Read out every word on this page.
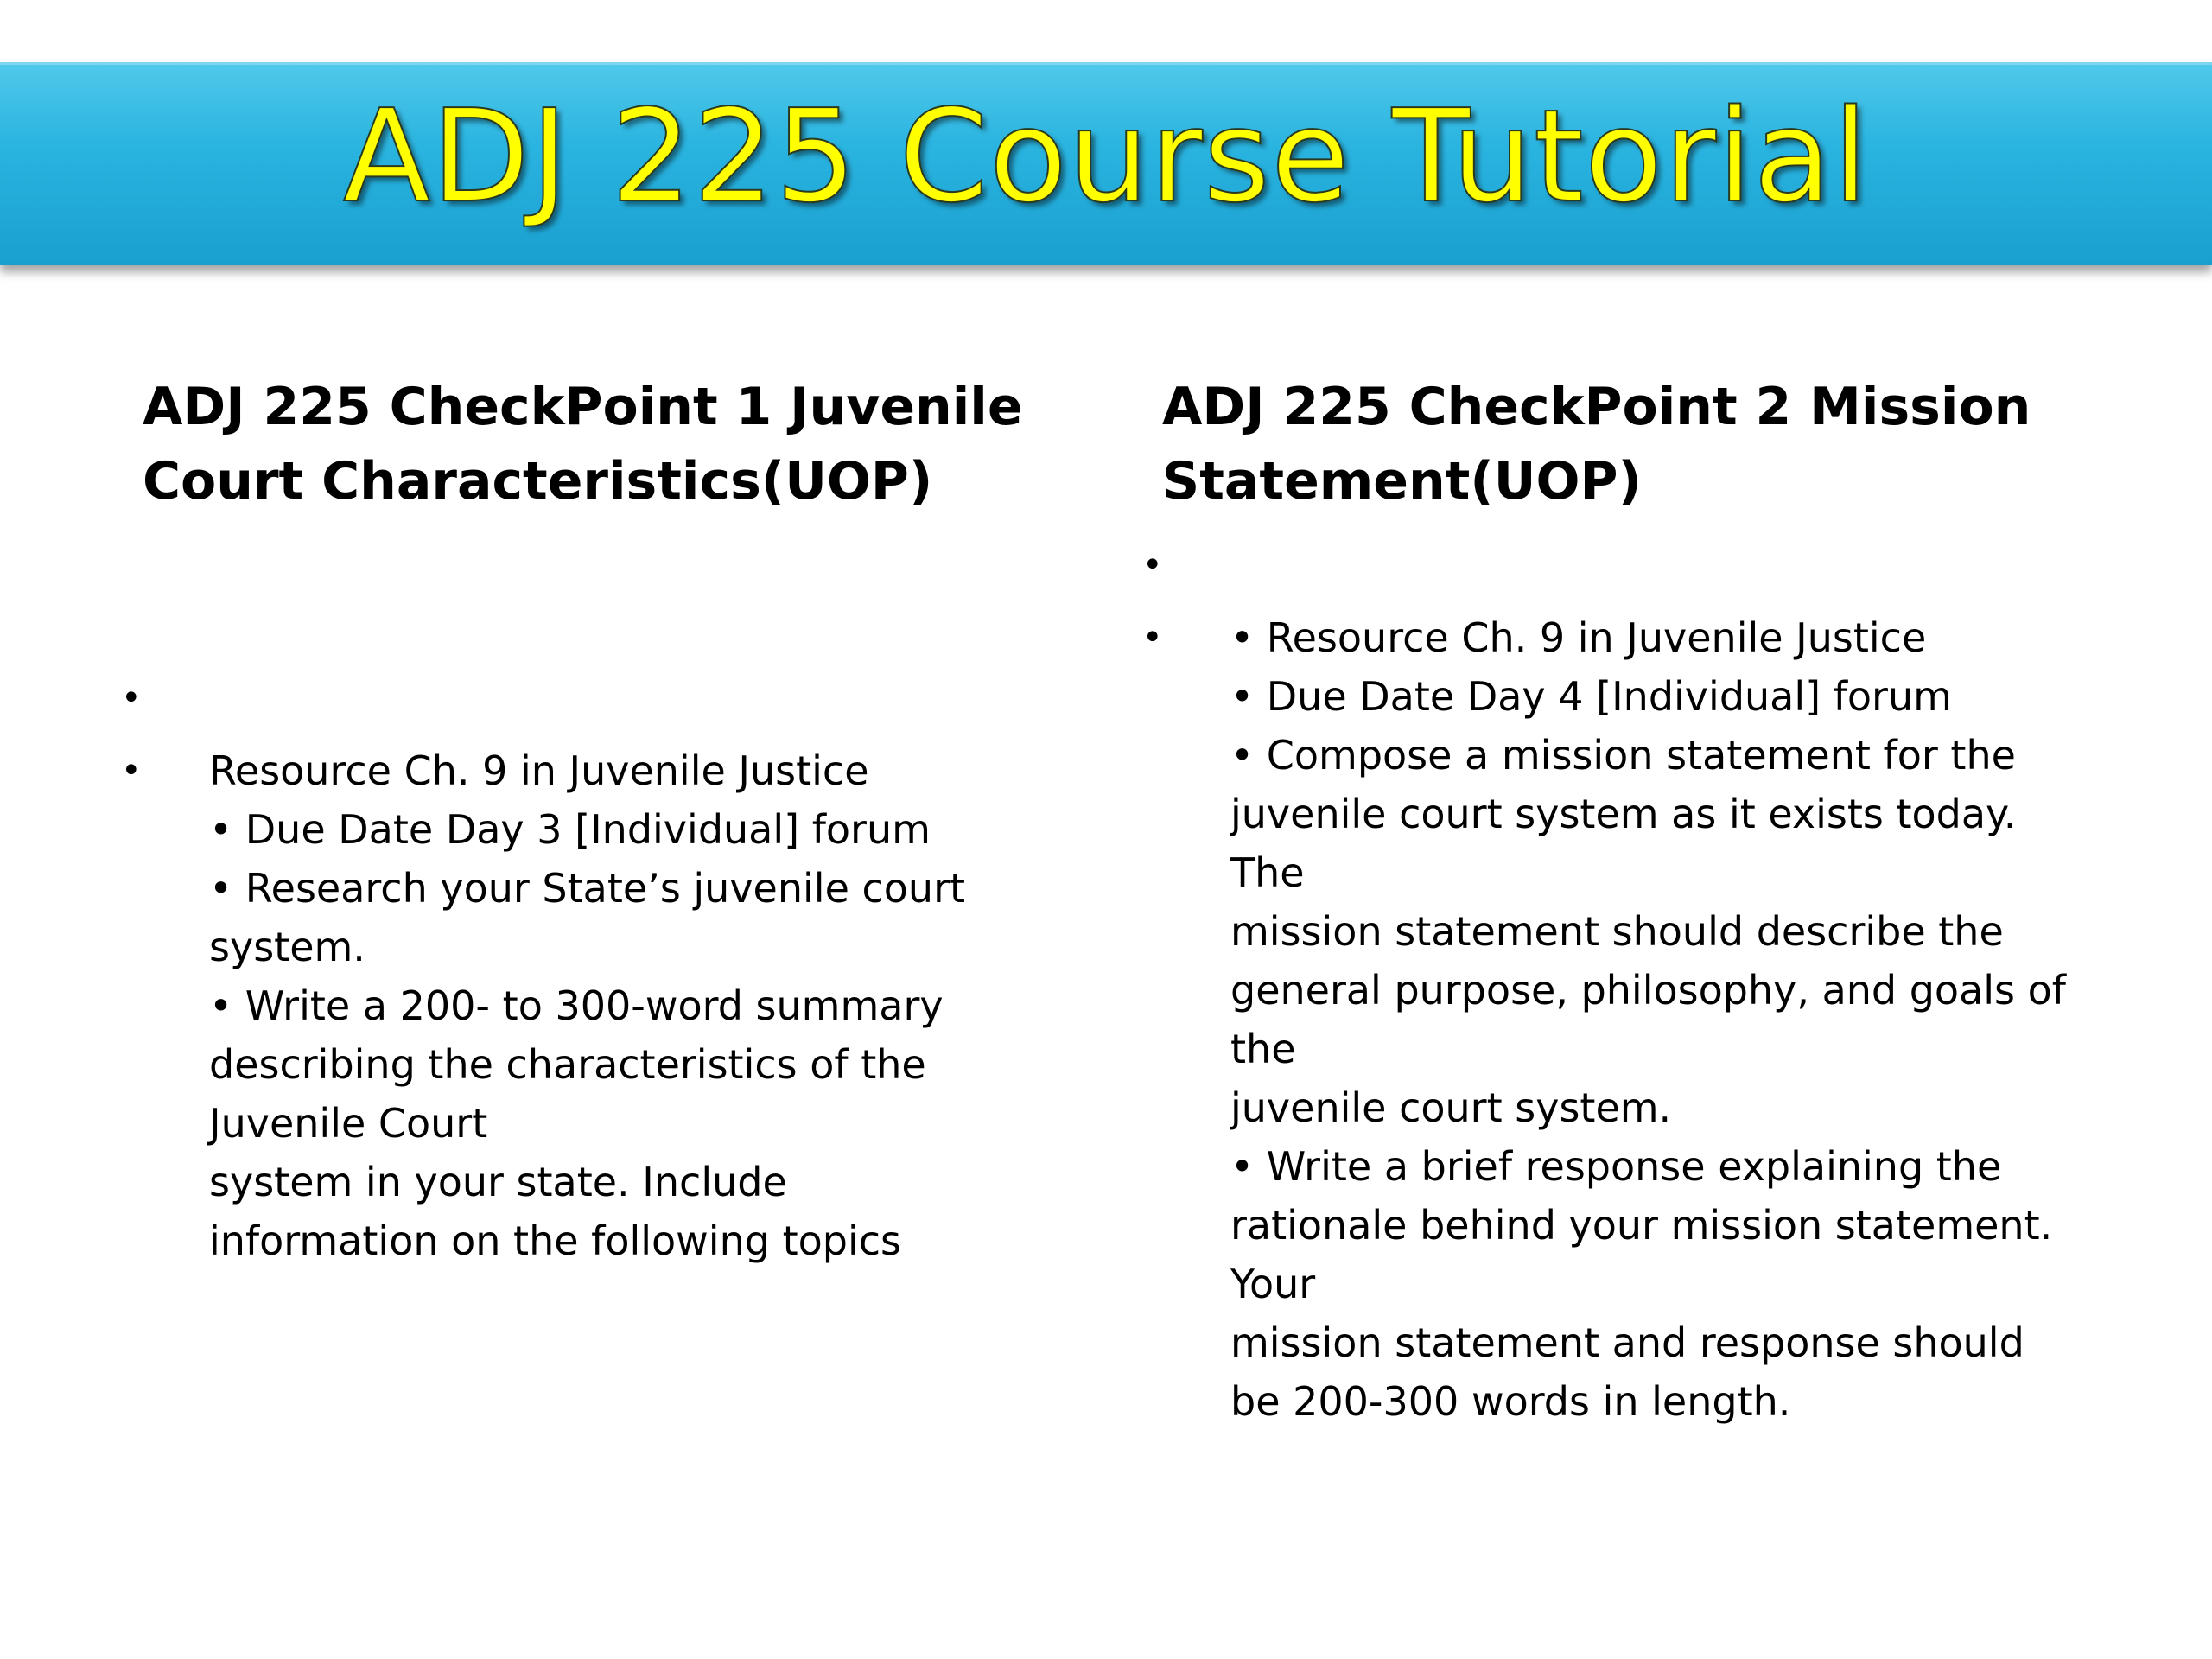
ADJ 225 Course Tutorial
ADJ 225 CheckPoint 1 Juvenile
Court Characteristics(UOP)
•
• Resource Ch. 9 in Juvenile Justice
• Due Date Day 3 [Individual] forum
• Research your State’s juvenile court
system.
• Write a 200- to 300-word summary
describing the characteristics of the
Juvenile Court
system in your state. Include
information on the following topics
ADJ 225 CheckPoint 2 Mission
Statement(UOP)
•
• • Resource Ch. 9 in Juvenile Justice
• Due Date Day 4 [Individual] forum
• Compose a mission statement for the
juvenile court system as it exists today.
The
mission statement should describe the
general purpose, philosophy, and goals of
the
juvenile court system.
• Write a brief response explaining the
rationale behind your mission statement.
Your
mission statement and response should
be 200-300 words in length.
